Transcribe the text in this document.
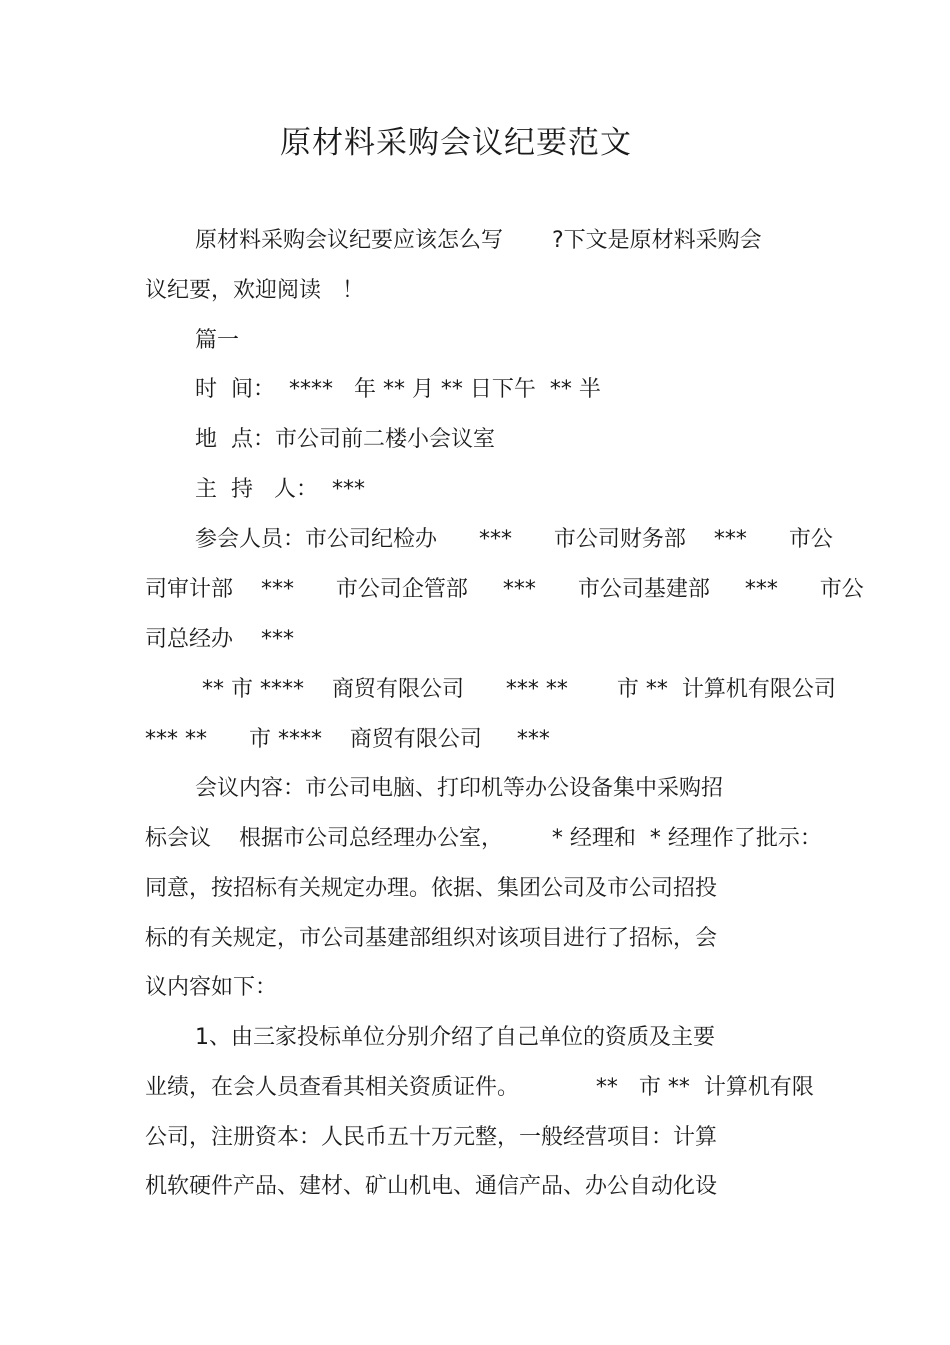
原材料采购会议纪要范文
原材料采购会议纪要应该怎么写       ?下文是原材料采购会
议纪要，欢迎阅读   ！
篇一
时  间：  ****   年 ** 月 ** 日下午  ** 半
地  点：市公司前二楼小会议室
主  持   人：  ***
参会人员：市公司纪检办      ***      市公司财务部    ***      市公
司审计部    ***      市公司企管部     ***      市公司基建部     ***      市公
司总经办    ***
** 市 ****    商贸有限公司      *** **       市 **  计算机有限公司
*** **      市 ****    商贸有限公司     ***
会议内容：市公司电脑、打印机等办公设备集中采购招
标会议    根据市公司总经理办公室，       * 经理和  * 经理作了批示：
同意，按招标有关规定办理。依据、集团公司及市公司招投
标的有关规定，市公司基建部组织对该项目进行了招标，会
议内容如下：
1、由三家投标单位分别介绍了自己单位的资质及主要
业绩，在会人员查看其相关资质证件。           **   市 **  计算机有限
公司，注册资本：人民币五十万元整，一般经营项目：计算
机软硬件产品、建材、矿山机电、通信产品、办公自动化设
